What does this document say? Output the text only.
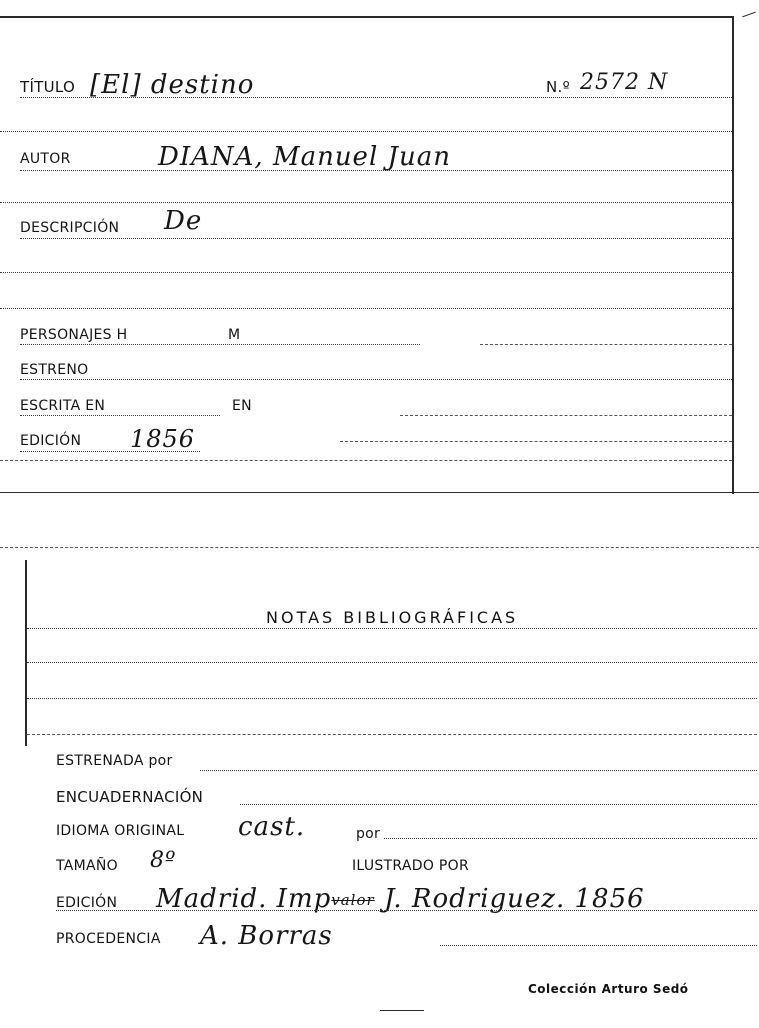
TÍTULO [El] destino	N.º 2572 N
AUTOR	DIANA, Manuel Juan
DESCRIPCIÓN De
PERSONAJES H	M
ESTRENO
ESCRITA EN	EN
EDICIÓN 1856
NOTAS BIBLIOGRÁFICAS
ESTRENADA por
ENCUADERNACIÓN
IDIOMA ORIGINAL cast.	por
TAMAÑO 8º	ILUSTRADO POR
EDICIÓN Madrid. Impvalor J. Rodriguez. 1856
PROCEDENCIA A. Borras
Colección Arturo Sedó
